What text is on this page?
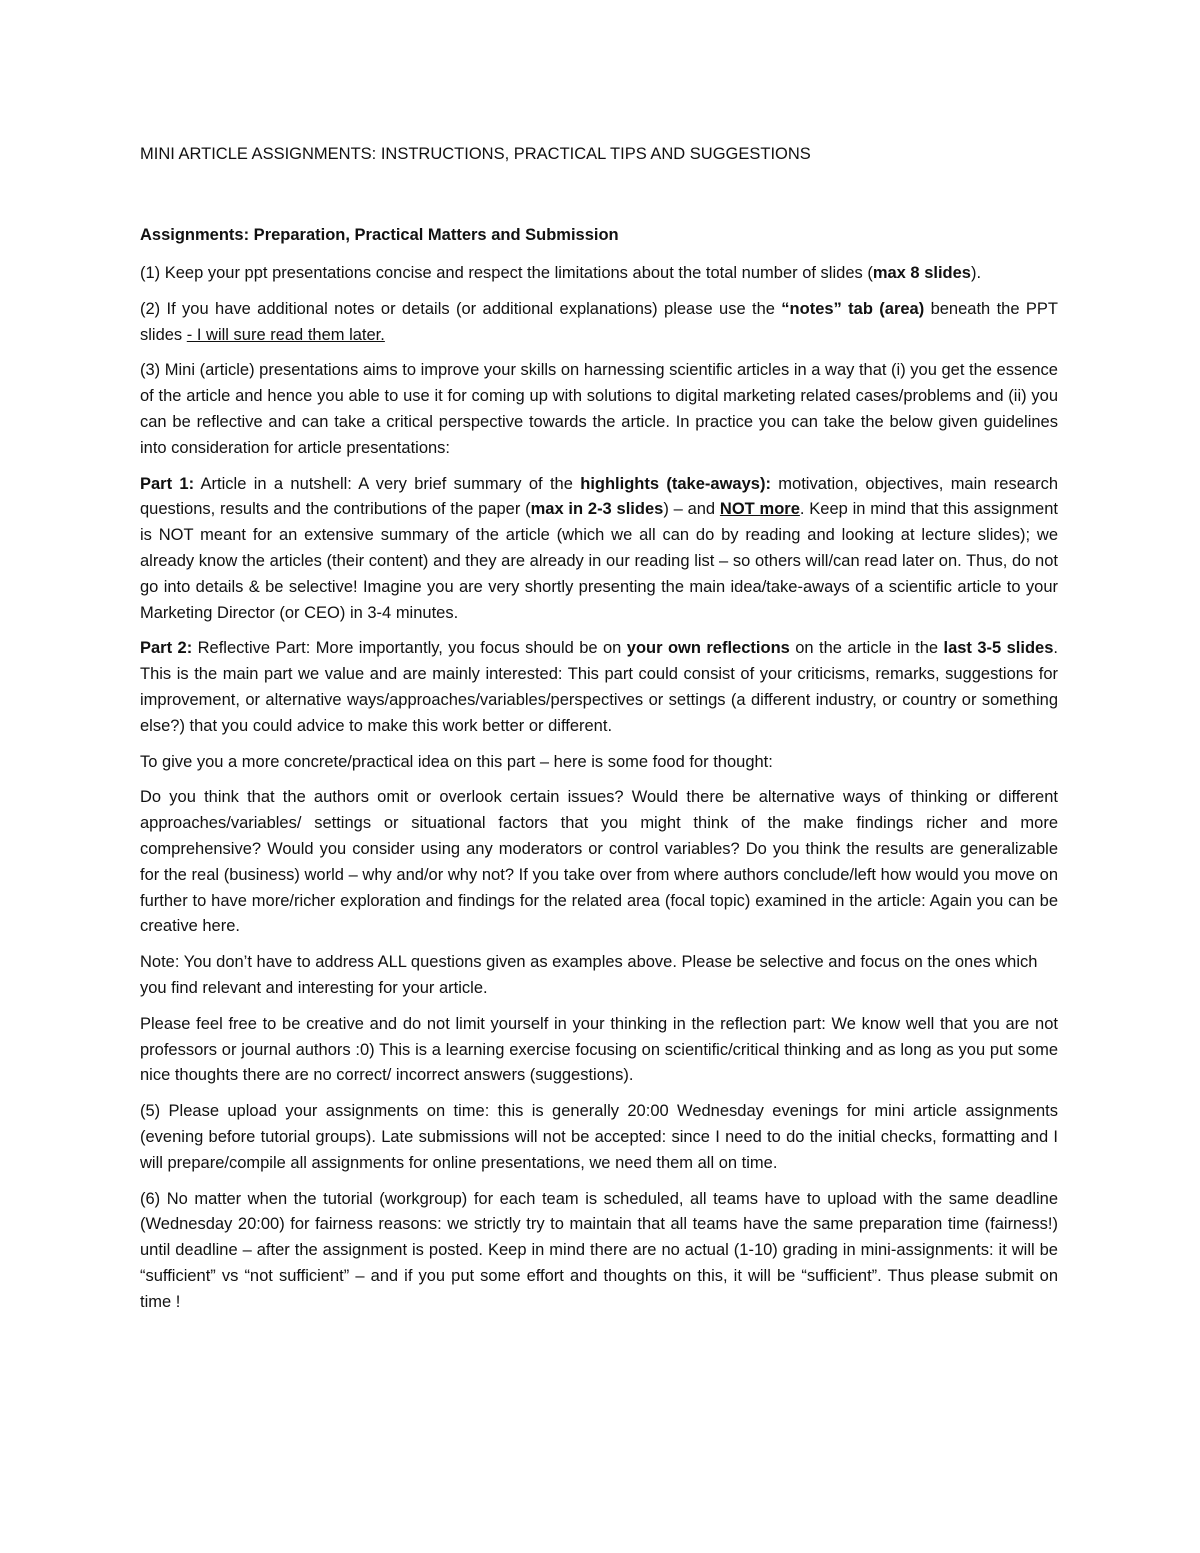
MINI ARTICLE ASSIGNMENTS: INSTRUCTIONS, PRACTICAL TIPS AND SUGGESTIONS
Assignments: Preparation, Practical Matters and Submission

(1) Keep your ppt presentations concise and respect the limitations about the total number of slides (max 8 slides).

(2) If you have additional notes or details (or additional explanations) please use the “notes” tab (area) beneath the PPT slides - I will sure read them later.

(3) Mini (article) presentations aims to improve your skills on harnessing scientific articles in a way that (i) you get the essence of the article and hence you able to use it for coming up with solutions to digital marketing related cases/problems and (ii) you can be reflective and can take a critical perspective towards the article. In practice you can take the below given guidelines into consideration for article presentations:

Part 1: Article in a nutshell: A very brief summary of the highlights (take-aways): motivation, objectives, main research questions, results and the contributions of the paper (max in 2-3 slides) – and NOT more. Keep in mind that this assignment is NOT meant for an extensive summary of the article (which we all can do by reading and looking at lecture slides); we already know the articles (their content) and they are already in our reading list – so others will/can read later on. Thus, do not go into details & be selective! Imagine you are very shortly presenting the main idea/take-aways of a scientific article to your Marketing Director (or CEO) in 3-4 minutes.

Part 2: Reflective Part: More importantly, you focus should be on your own reflections on the article in the last 3-5 slides. This is the main part we value and are mainly interested: This part could consist of your criticisms, remarks, suggestions for improvement, or alternative ways/approaches/variables/perspectives or settings (a different industry, or country or something else?) that you could advice to make this work better or different.

To give you a more concrete/practical idea on this part – here is some food for thought:

Do you think that the authors omit or overlook certain issues? Would there be alternative ways of thinking or different approaches/variables/ settings or situational factors that you might think of the make findings richer and more comprehensive? Would you consider using any moderators or control variables? Do you think the results are generalizable for the real (business) world – why and/or why not? If you take over from where authors conclude/left how would you move on further to have more/richer exploration and findings for the related area (focal topic) examined in the article: Again you can be creative here.

Note: You don’t have to address ALL questions given as examples above. Please be selective and focus on the ones which you find relevant and interesting for your article.

Please feel free to be creative and do not limit yourself in your thinking in the reflection part: We know well that you are not professors or journal authors :0) This is a learning exercise focusing on scientific/critical thinking and as long as you put some nice thoughts there are no correct/ incorrect answers (suggestions).

(5) Please upload your assignments on time: this is generally 20:00 Wednesday evenings for mini article assignments (evening before tutorial groups). Late submissions will not be accepted: since I need to do the initial checks, formatting and I will prepare/compile all assignments for online presentations, we need them all on time.

(6) No matter when the tutorial (workgroup) for each team is scheduled, all teams have to upload with the same deadline (Wednesday 20:00) for fairness reasons: we strictly try to maintain that all teams have the same preparation time (fairness!) until deadline – after the assignment is posted. Keep in mind there are no actual (1-10) grading in mini-assignments: it will be “sufficient” vs “not sufficient” – and if you put some effort and thoughts on this, it will be “sufficient”. Thus please submit on time !
